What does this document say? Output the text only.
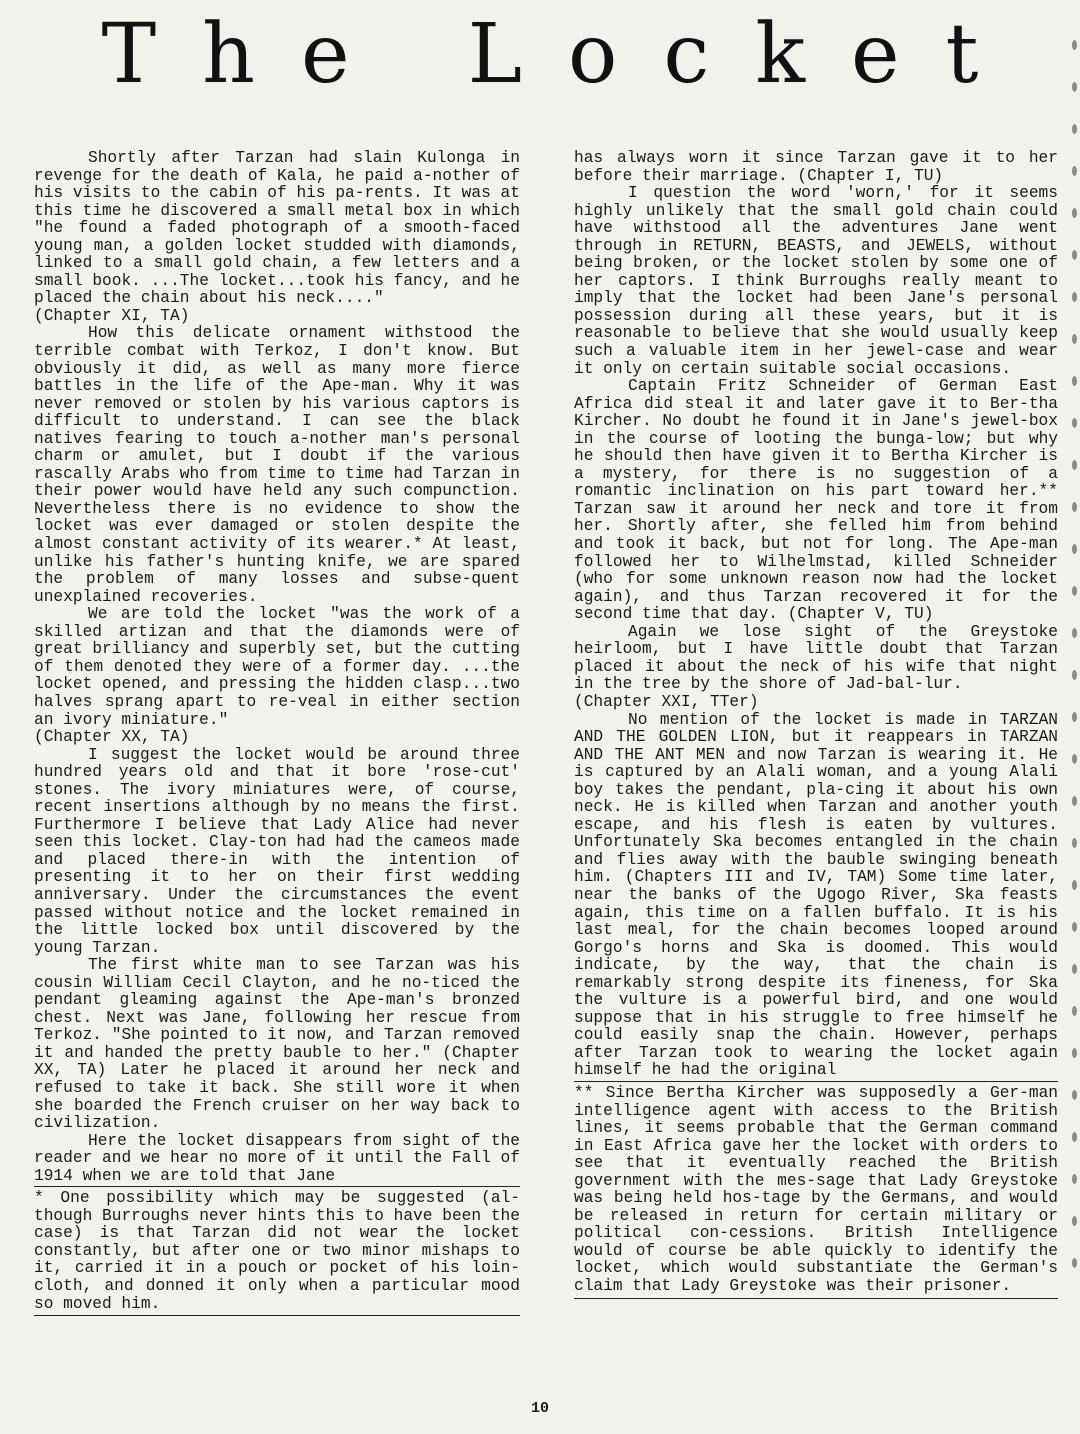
The Locket

Shortly after Tarzan had slain Kulonga in revenge for the death of Kala, he paid a-nother of his visits to the cabin of his pa-rents. It was at this time he discovered a small metal box in which "he found a faded photograph of a smooth-faced young man, a golden locket studded with diamonds, linked to a small gold chain, a few letters and a small book. ...The locket...took his fancy, and he placed the chain about his neck...."

(Chapter XI, TA)

How this delicate ornament withstood the terrible combat with Terkoz, I don't know. But obviously it did, as well as many more fierce battles in the life of the Ape-man. Why it was never removed or stolen by his various captors is difficult to understand. I can see the black natives fearing to touch a-nother man's personal charm or amulet, but I doubt if the various rascally Arabs who from time to time had Tarzan in their power would have held any such compunction. Nevertheless there is no evidence to show the locket was ever damaged or stolen despite the almost constant activity of its wearer.* At least, unlike his father's hunting knife, we are spared the problem of many losses and subse-quent unexplained recoveries.

We are told the locket "was the work of a skilled artizan and that the diamonds were of great brilliancy and superbly set, but the cutting of them denoted they were of a former day. ...the locket opened, and pressing the hidden clasp...two halves sprang apart to re-veal in either section an ivory miniature."

(Chapter XX, TA)

I suggest the locket would be around three hundred years old and that it bore 'rose-cut' stones. The ivory miniatures were, of course, recent insertions although by no means the first. Furthermore I believe that Lady Alice had never seen this locket. Clay-ton had had the cameos made and placed there-in with the intention of presenting it to her on their first wedding anniversary. Under the circumstances the event passed without notice and the locket remained in the little locked box until discovered by the young Tarzan.

The first white man to see Tarzan was his cousin William Cecil Clayton, and he no-ticed the pendant gleaming against the Ape-man's bronzed chest. Next was Jane, following her rescue from Terkoz. "She pointed to it now, and Tarzan removed it and handed the pretty bauble to her." (Chapter XX, TA) Later he placed it around her neck and refused to take it back. She still wore it when she boarded the French cruiser on her way back to civilization.

Here the locket disappears from sight of the reader and we hear no more of it until the Fall of 1914 when we are told that Jane

* One possibility which may be suggested (al-though Burroughs never hints this to have been the case) is that Tarzan did not wear the locket constantly, but after one or two minor mishaps to it, carried it in a pouch or pocket of his loin-cloth, and donned it only when a particular mood so moved him.

has always worn it since Tarzan gave it to her before their marriage. (Chapter I, TU)

I question the word 'worn,' for it seems highly unlikely that the small gold chain could have withstood all the adventures Jane went through in RETURN, BEASTS, and JEWELS, without being broken, or the locket stolen by some one of her captors. I think Burroughs really meant to imply that the locket had been Jane's personal possession during all these years, but it is reasonable to believe that she would usually keep such a valuable item in her jewel-case and wear it only on certain suitable social occasions.

Captain Fritz Schneider of German East Africa did steal it and later gave it to Ber-tha Kircher. No doubt he found it in Jane's jewel-box in the course of looting the bunga-low; but why he should then have given it to Bertha Kircher is a mystery, for there is no suggestion of a romantic inclination on his part toward her.** Tarzan saw it around her neck and tore it from her. Shortly after, she felled him from behind and took it back, but not for long. The Ape-man followed her to Wilhelmstad, killed Schneider (who for some unknown reason now had the locket again), and thus Tarzan recovered it for the second time that day. (Chapter V, TU)

Again we lose sight of the Greystoke heirloom, but I have little doubt that Tarzan placed it about the neck of his wife that night in the tree by the shore of Jad-bal-lur.

(Chapter XXI, TTer)

No mention of the locket is made in TARZAN AND THE GOLDEN LION, but it reappears in TARZAN AND THE ANT MEN and now Tarzan is wearing it. He is captured by an Alali woman, and a young Alali boy takes the pendant, pla-cing it about his own neck. He is killed when Tarzan and another youth escape, and his flesh is eaten by vultures. Unfortunately Ska becomes entangled in the chain and flies away with the bauble swinging beneath him. (Chapters III and IV, TAM) Some time later, near the banks of the Ugogo River, Ska feasts again, this time on a fallen buffalo. It is his last meal, for the chain becomes looped around Gorgo's horns and Ska is doomed. This would indicate, by the way, that the chain is remarkably strong despite its fineness, for Ska the vulture is a powerful bird, and one would suppose that in his struggle to free himself he could easily snap the chain. However, perhaps after Tarzan took to wearing the locket again himself he had the original

** Since Bertha Kircher was supposedly a Ger-man intelligence agent with access to the British lines, it seems probable that the German command in East Africa gave her the locket with orders to see that it eventually reached the British government with the mes-sage that Lady Greystoke was being held hos-tage by the Germans, and would be released in return for certain military or political con-cessions. British Intelligence would of course be able quickly to identify the locket, which would substantiate the German's claim that Lady Greystoke was their prisoner.

10
